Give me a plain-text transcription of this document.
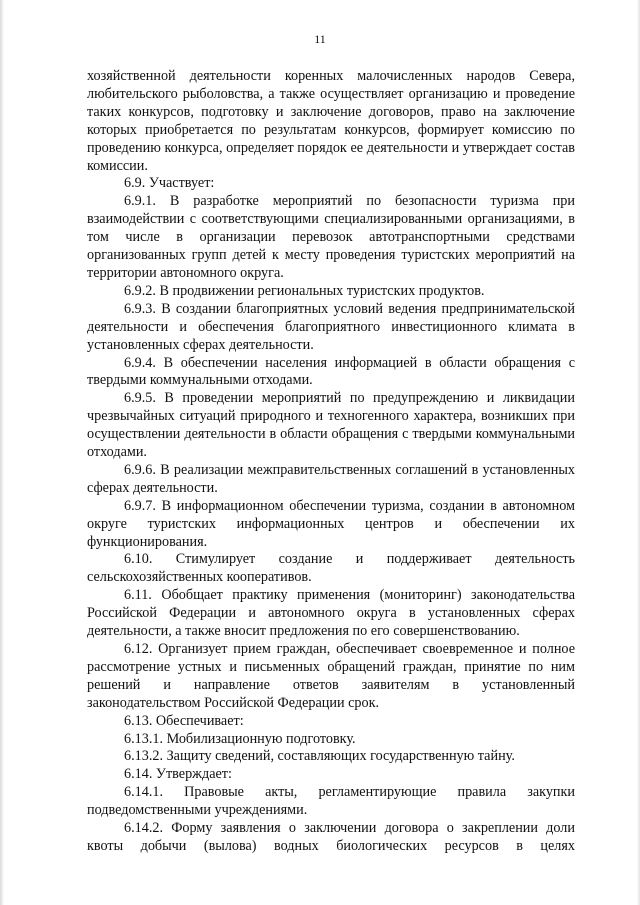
11

хозяйственной деятельности коренных малочисленных народов Севера, любительского рыболовства, а также осуществляет организацию и проведение таких конкурсов, подготовку и заключение договоров, право на заключение которых приобретается по результатам конкурсов, формирует комиссию по проведению конкурса, определяет порядок ее деятельности и утверждает состав комиссии.

6.9. Участвует:

6.9.1. В разработке мероприятий по безопасности туризма при взаимодействии с соответствующими специализированными организациями, в том числе в организации перевозок автотранспортными средствами организованных групп детей к месту проведения туристских мероприятий на территории автономного округа.

6.9.2. В продвижении региональных туристских продуктов.

6.9.3. В создании благоприятных условий ведения предпринимательской деятельности и обеспечения благоприятного инвестиционного климата в установленных сферах деятельности.

6.9.4. В обеспечении населения информацией в области обращения с твердыми коммунальными отходами.

6.9.5. В проведении мероприятий по предупреждению и ликвидации чрезвычайных ситуаций природного и техногенного характера, возникших при осуществлении деятельности в области обращения с твердыми коммунальными отходами.

6.9.6. В реализации межправительственных соглашений в установленных сферах деятельности.

6.9.7. В информационном обеспечении туризма, создании в автономном округе туристских информационных центров и обеспечении их функционирования.

6.10. Стимулирует создание и поддерживает деятельность сельскохозяйственных кооперативов.

6.11. Обобщает практику применения (мониторинг) законодательства Российской Федерации и автономного округа в установленных сферах деятельности, а также вносит предложения по его совершенствованию.

6.12. Организует прием граждан, обеспечивает своевременное и полное рассмотрение устных и письменных обращений граждан, принятие по ним решений и направление ответов заявителям в установленный законодательством Российской Федерации срок.

6.13. Обеспечивает:

6.13.1. Мобилизационную подготовку.

6.13.2. Защиту сведений, составляющих государственную тайну.

6.14. Утверждает:

6.14.1. Правовые акты, регламентирующие правила закупки подведомственными учреждениями.

6.14.2. Форму заявления о заключении договора о закреплении доли квоты добычи (вылова) водных биологических ресурсов в целях
